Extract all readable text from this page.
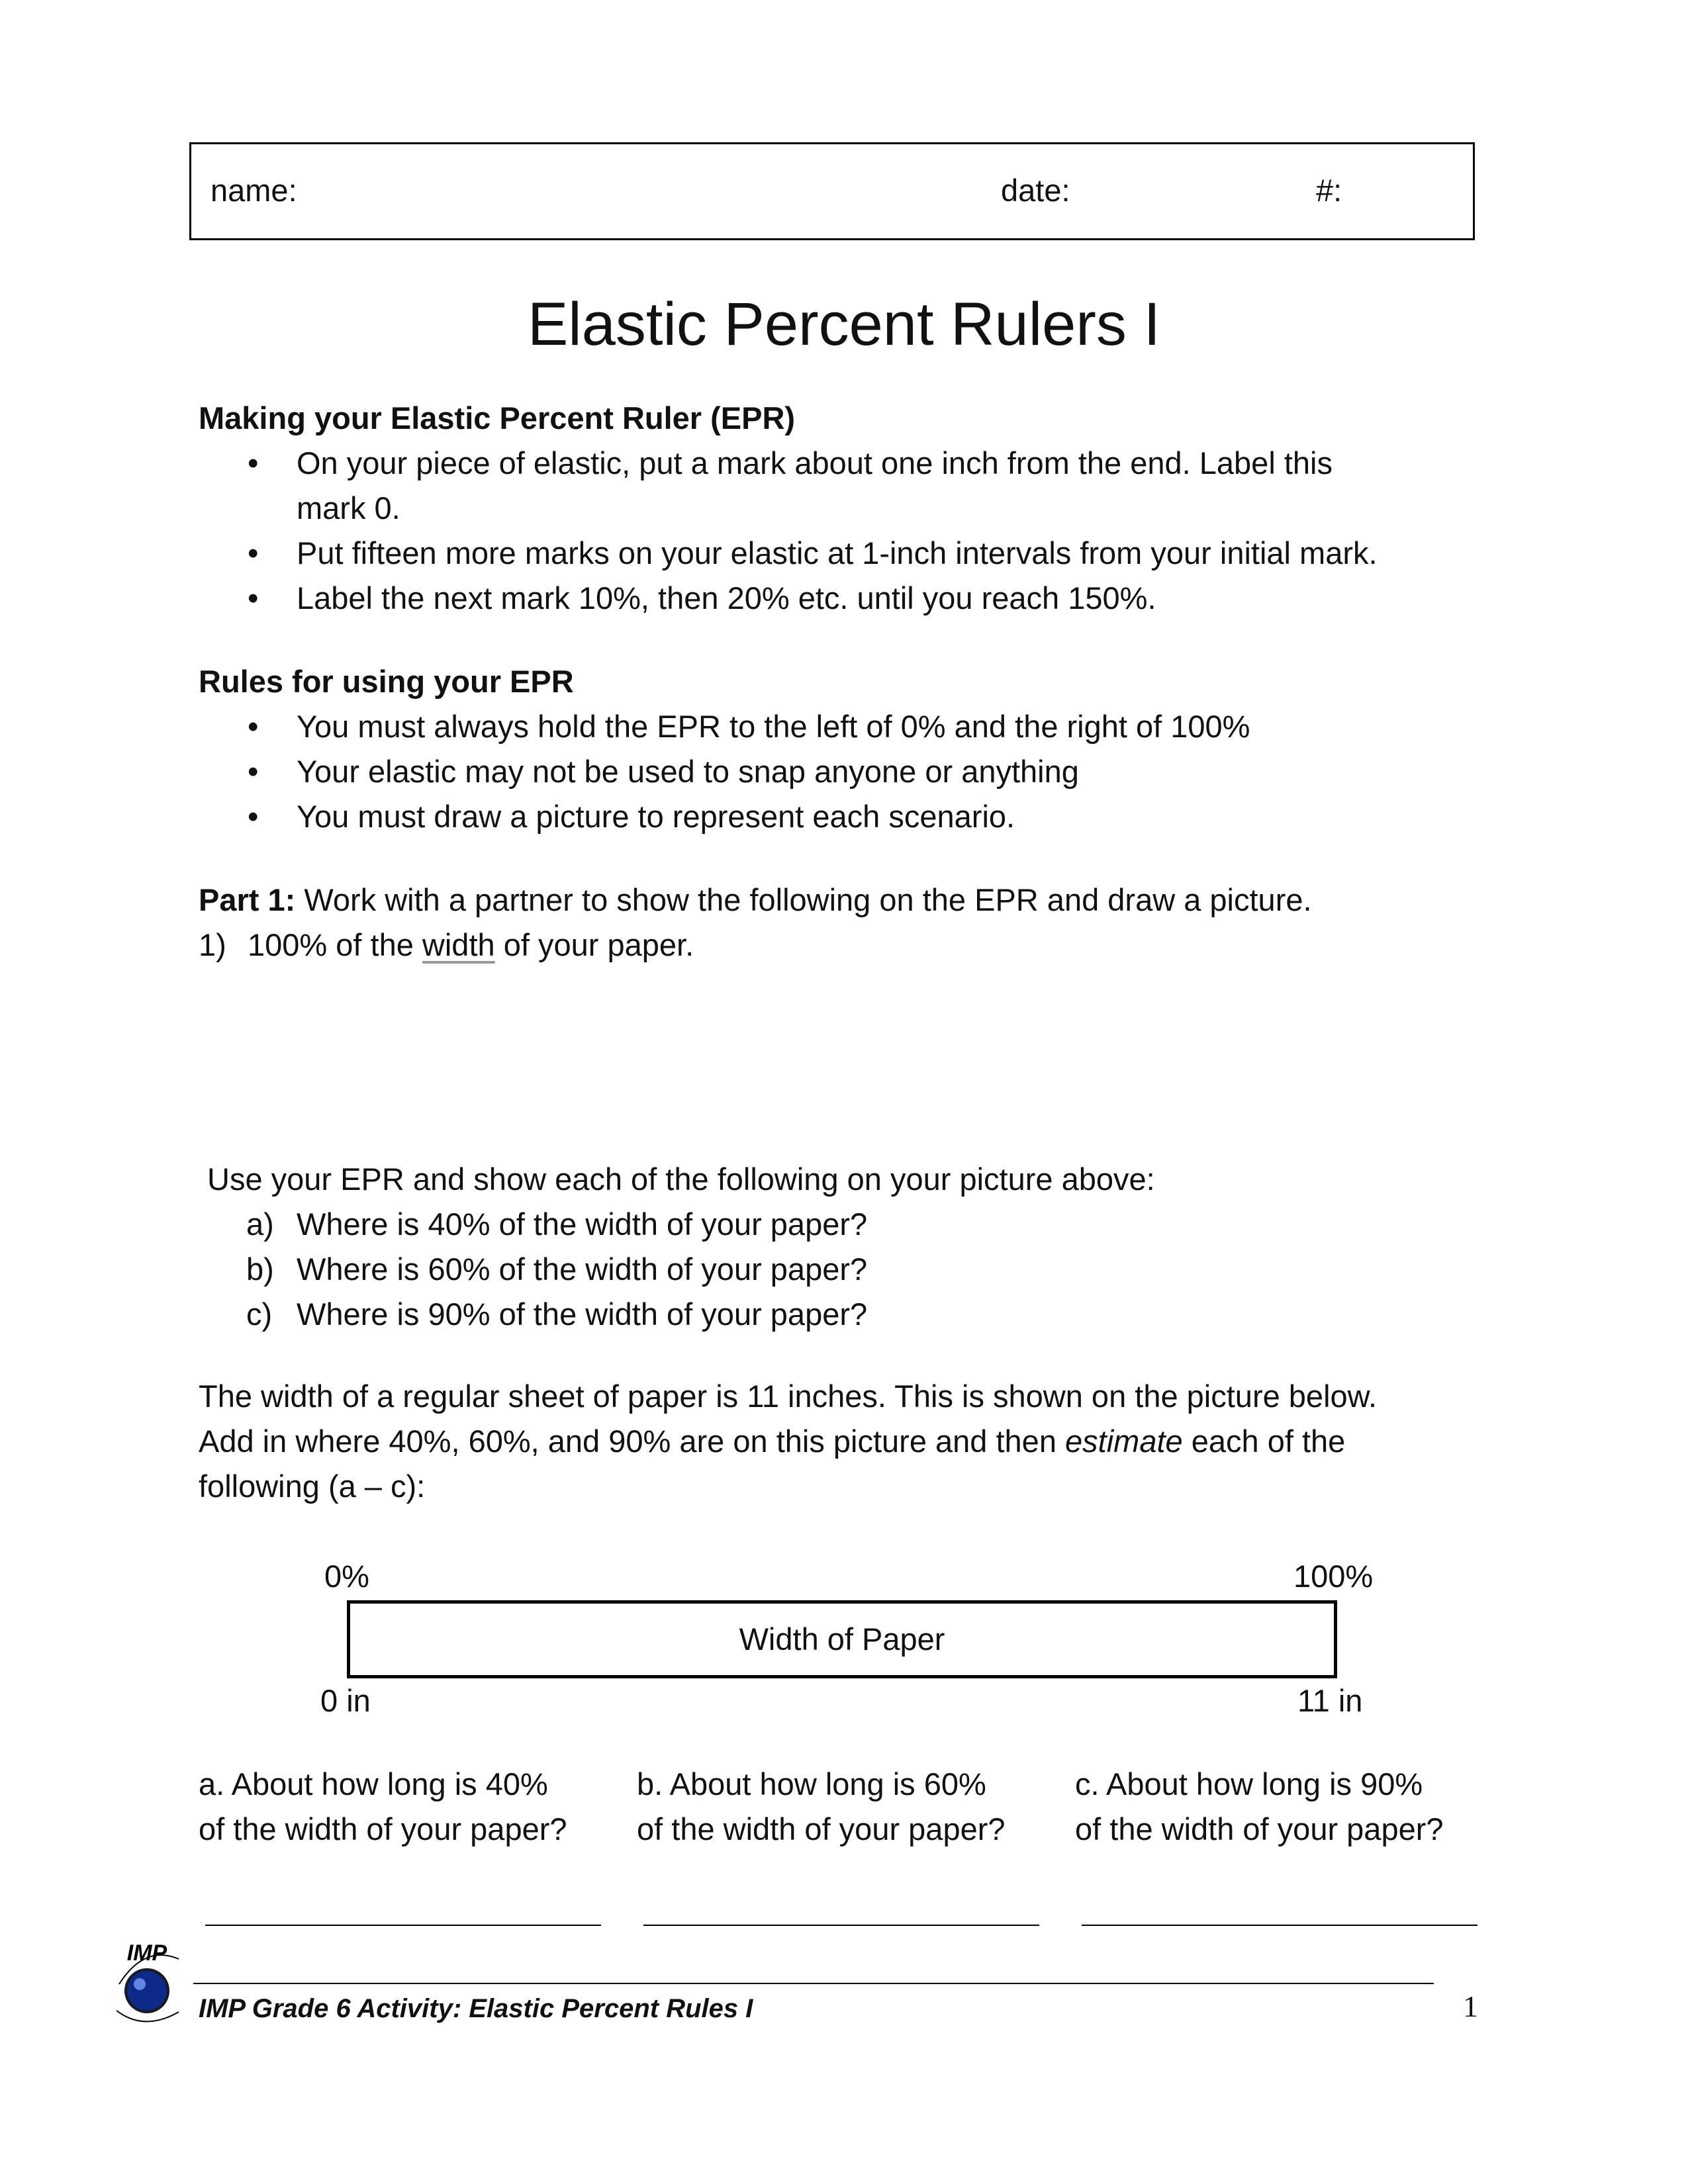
name:	date:	#:
Elastic Percent Rulers I
Making your Elastic Percent Ruler (EPR)
• On your piece of elastic, put a mark about one inch from the end. Label this
mark 0.
• Put fifteen more marks on your elastic at 1-inch intervals from your initial mark.
• Label the next mark 10%, then 20% etc. until you reach 150%.
Rules for using your EPR
• You must always hold the EPR to the left of 0% and the right of 100%
• Your elastic may not be used to snap anyone or anything
• You must draw a picture to represent each scenario.
Part 1: Work with a partner to show the following on the EPR and draw a picture.
1) 100% of the width of your paper.
Use your EPR and show each of the following on your picture above:
a) Where is 40% of the width of your paper?
b) Where is 60% of the width of your paper?
c) Where is 90% of the width of your paper?
The width of a regular sheet of paper is 11 inches. This is shown on the picture below.
Add in where 40%, 60%, and 90% are on this picture and then estimate each of the
following (a – c):
0%	100%
Width of Paper
0 in	11 in
a. About how long is 40%
of the width of your paper?
b. About how long is 60%
of the width of your paper?
c. About how long is 90%
of the width of your paper?
IMP
IMP Grade 6 Activity: Elastic Percent Rules I	1
